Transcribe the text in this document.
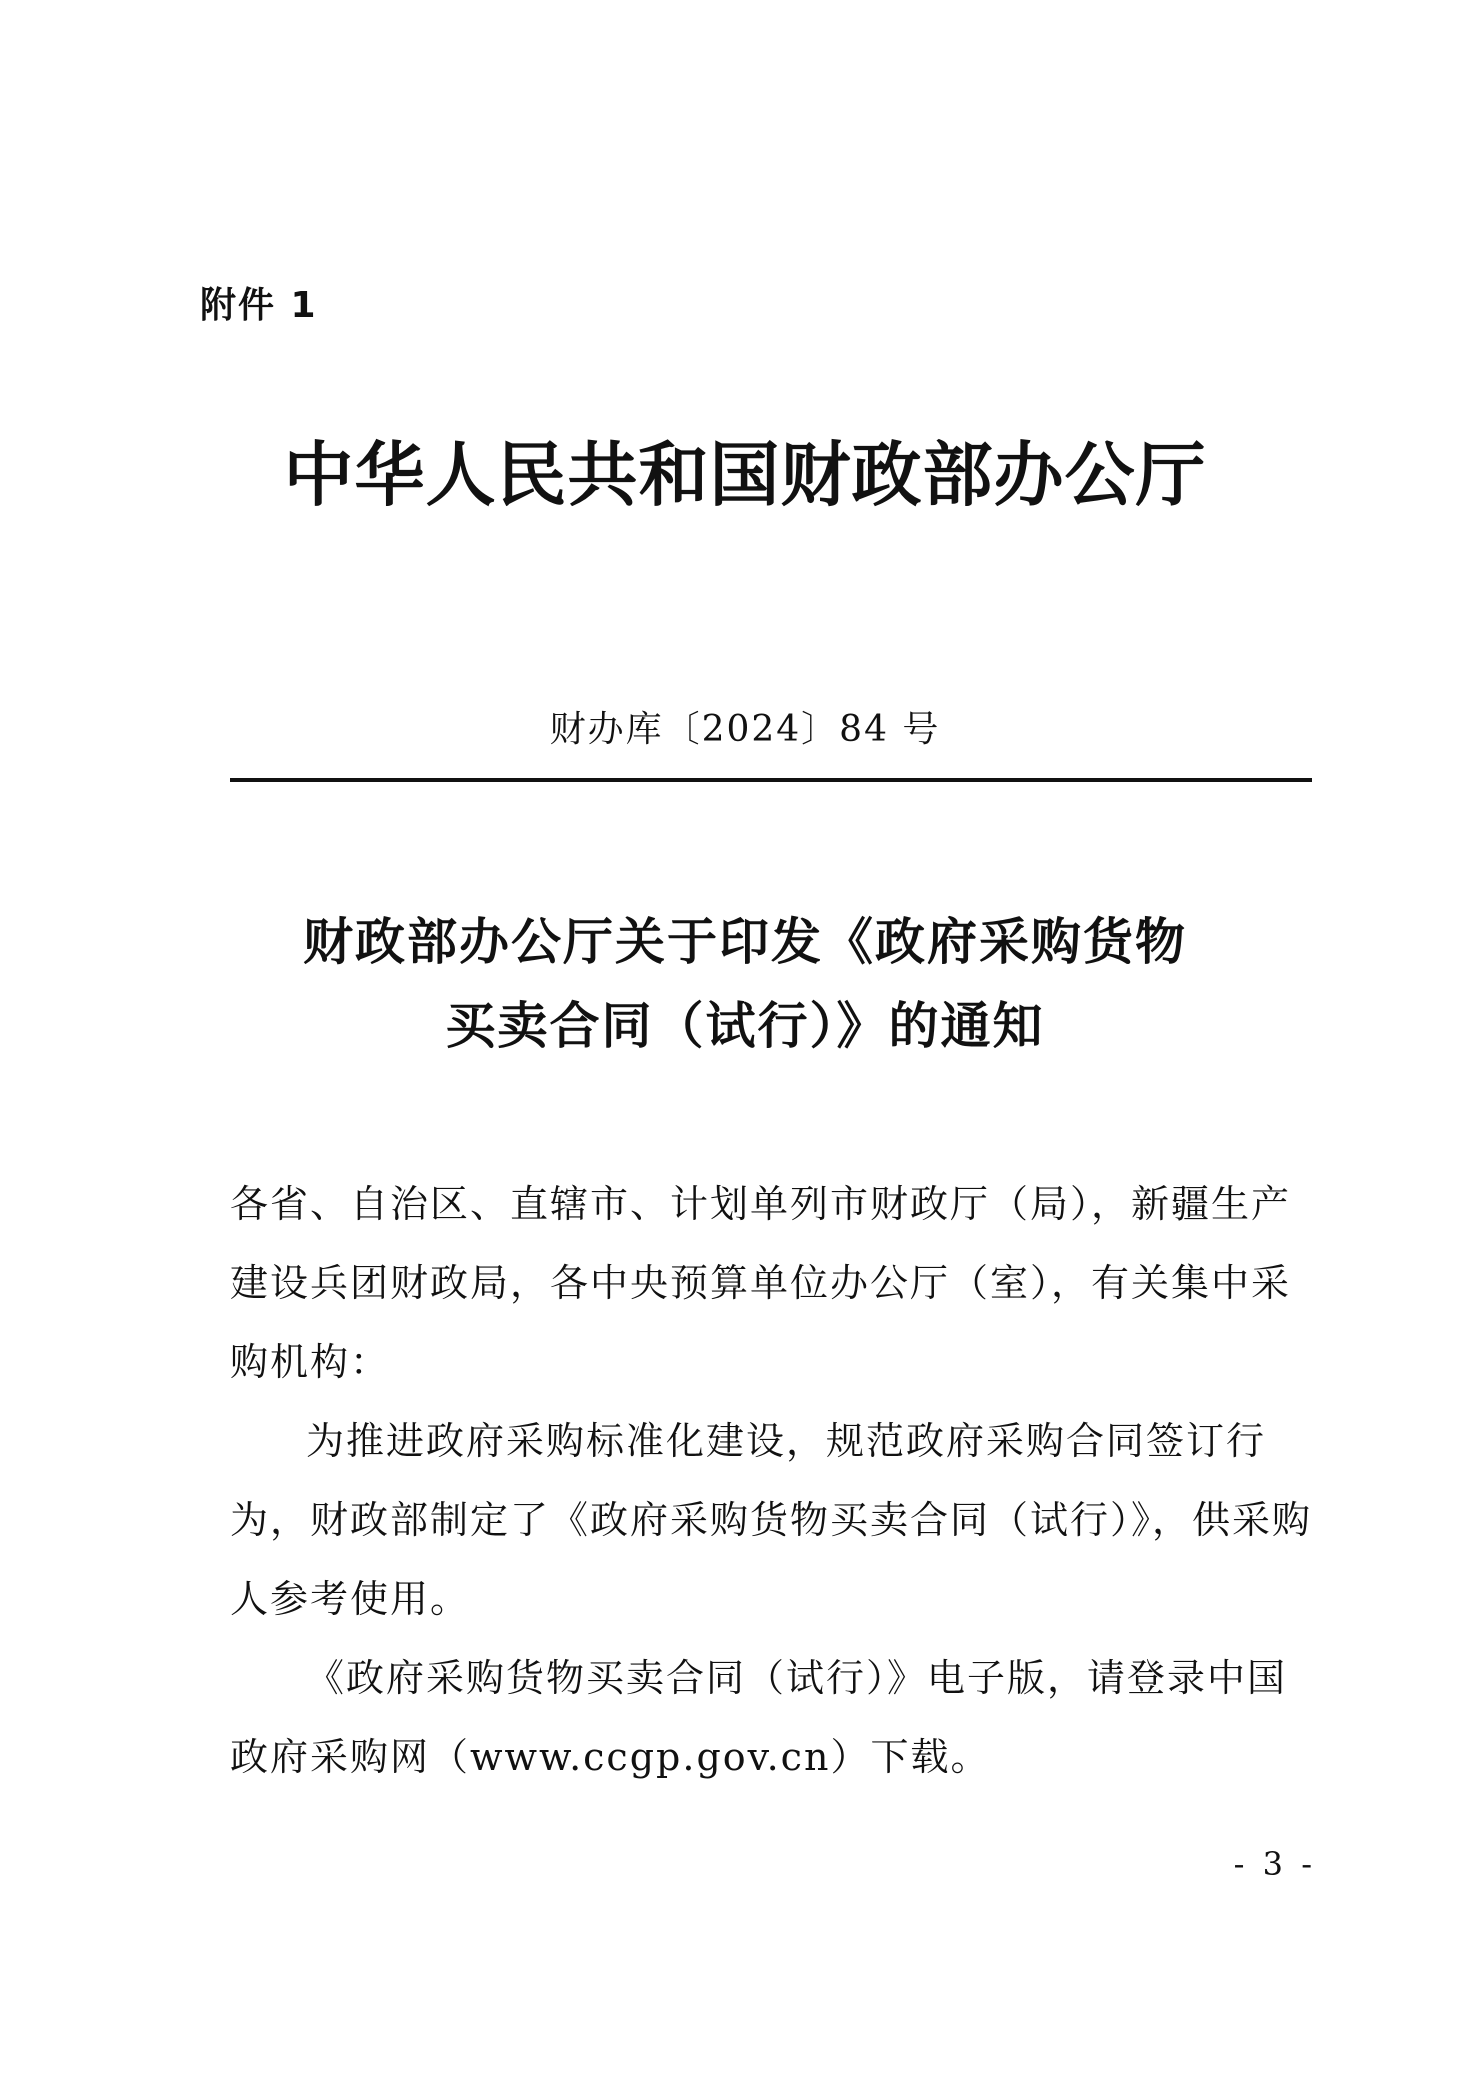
附件 1
中华人民共和国财政部办公厅
财办库〔2024〕84 号
财政部办公厅关于印发《政府采购货物
买卖合同（试行）》的通知

各省、自治区、直辖市、计划单列市财政厅（局），新疆生产建设兵团财政局，各中央预算单位办公厅（室），有关集中采购机构：

为推进政府采购标准化建设，规范政府采购合同签订行为，财政部制定了《政府采购货物买卖合同（试行）》，供采购人参考使用。

《政府采购货物买卖合同（试行）》电子版，请登录中国政府采购网（www.ccgp.gov.cn）下载。

- 3 -
